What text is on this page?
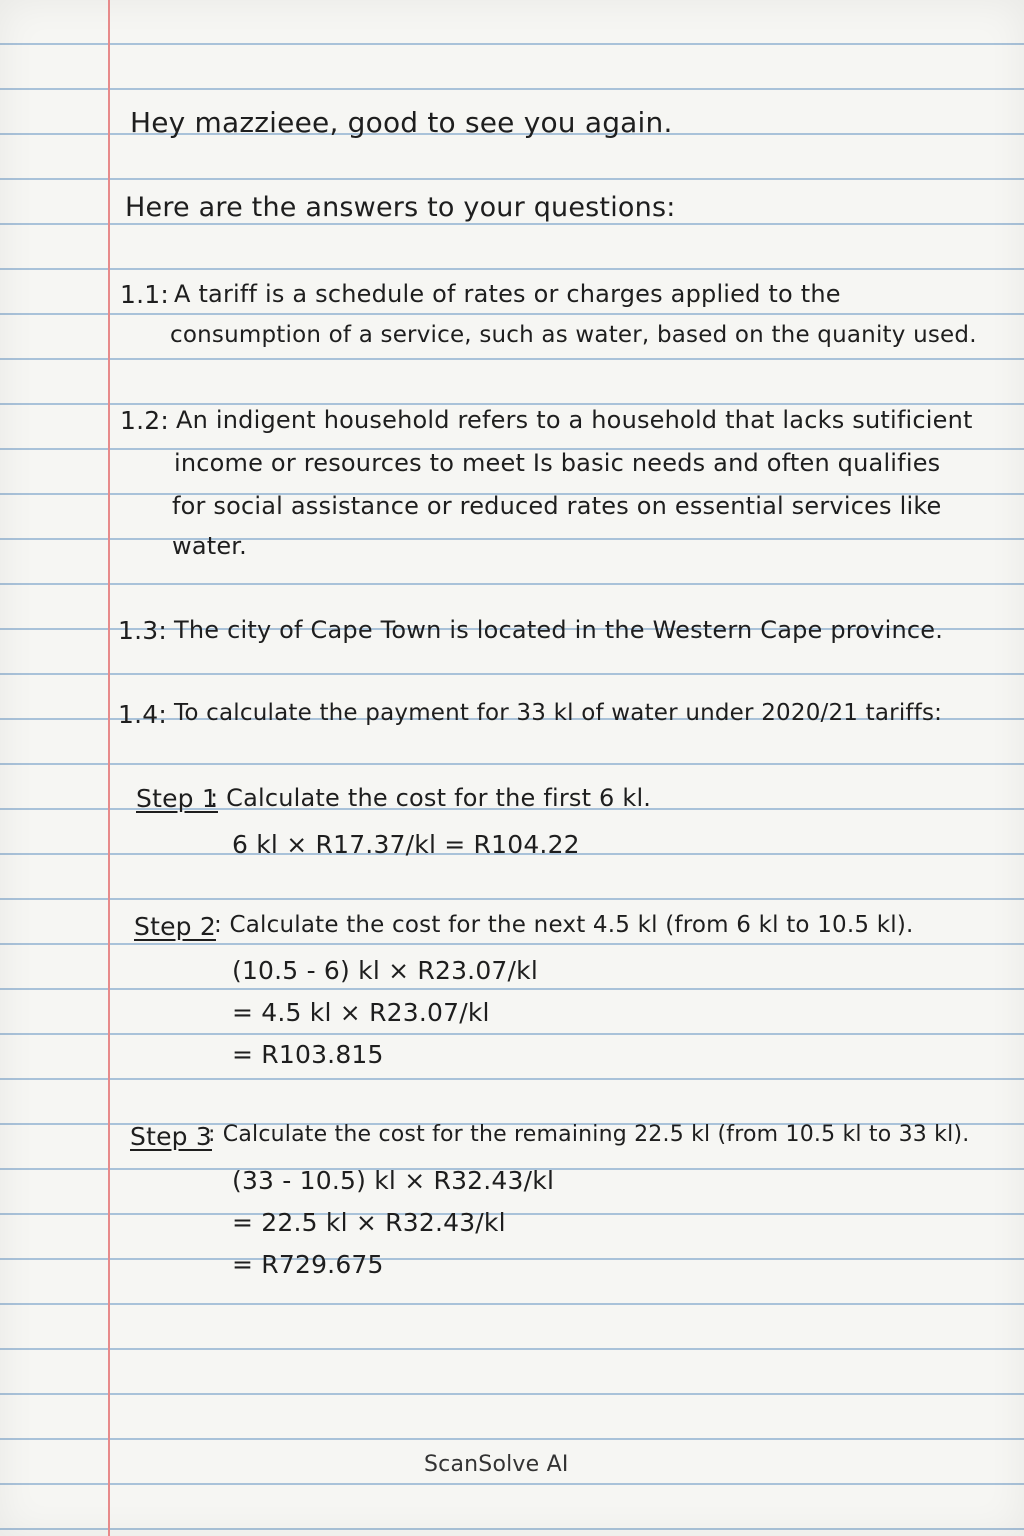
Hey mazzieee, good to see you again.
Here are the answers to your questions:
1.1: A tariff is a schedule of rates or charges applied to the
consumption of a service, such as water, based on the quanity used.
1.2: An indigent household refers to a household that lacks sutificient
income or resources to meet Is basic needs and often qualifies
for social assistance or reduced rates on essential services like
water.
1.3: The city of Cape Town is located in the Western Cape province.
1.4: To calculate the payment for 33 kl of water under 2020/21 tariffs:
Step 1
: Calculate the cost for the first 6 kl.
6 kl × R17.37/kl = R104.22
Step 2
: Calculate the cost for the next 4.5 kl (from 6 kl to 10.5 kl).
(10.5 - 6) kl × R23.07/kl
= 4.5 kl × R23.07/kl
= R103.815
Step 3
: Calculate the cost for the remaining 22.5 kl (from 10.5 kl to 33 kl).
(33 - 10.5) kl × R32.43/kl
= 22.5 kl × R32.43/kl
= R729.675
ScanSolve AI
